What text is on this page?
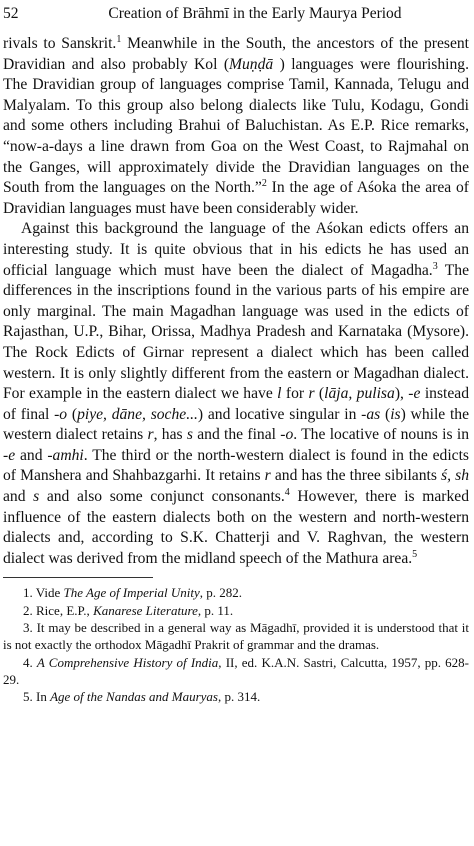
52	Creation of Brāhmī in the Early Maurya Period

rivals to Sanskrit.$^1$ Meanwhile in the South, the ancestors of the present Dravidian and also probably Kol (Muṇḍā ) languages were flourishing. The Dravidian group of languages comprise Tamil, Kannada, Telugu and Malyalam. To this group also belong dialects like Tulu, Kodagu, Gondi and some others including Brahui of Baluchistan. As E.P. Rice remarks, “now-a-days a line drawn from Goa on the West Coast, to Rajmahal on the Ganges, will approximately divide the Dravidian languages on the South from the languages on the North.”$^2$ In the age of Aśoka the area of Dravidian languages must have been considerably wider.

Against this background the language of the Aśokan edicts offers an interesting study. It is quite obvious that in his edicts he has used an official language which must have been the dialect of Magadha.$^3$ The differences in the inscriptions found in the various parts of his empire are only marginal. The main Magadhan language was used in the edicts of Rajasthan, U.P., Bihar, Orissa, Madhya Pradesh and Karnataka (Mysore). The Rock Edicts of Girnar represent a dialect which has been called western. It is only slightly different from the eastern or Magadhan dialect. For example in the eastern dialect we have l for r (lāja, pulisa), -e instead of final -o (piye, dāne, soche...) and locative singular in -as (is) while the western dialect retains r, has s and the final -o. The locative of nouns is in -e and -amhi. The third or the north-western dialect is found in the edicts of Manshera and Shahbazgarhi. It retains r and has the three sibilants ś, sh and s and also some conjunct consonants.$^4$ However, there is marked influence of the eastern dialects both on the western and north-western dialects and, according to S.K. Chatterji and V. Raghvan, the western dialect was derived from the midland speech of the Mathura area.$^5$

1. Vide The Age of Imperial Unity, p. 282.

2. Rice, E.P., Kanarese Literature, p. 11.

3. It may be described in a general way as Māgadhī, provided it is understood that it is not exactly the orthodox Māgadhī Prakrit of grammar and the dramas.

4. A Comprehensive History of India, II, ed. K.A.N. Sastri, Calcutta, 1957, pp. 628-29.

5. In Age of the Nandas and Mauryas, p. 314.
